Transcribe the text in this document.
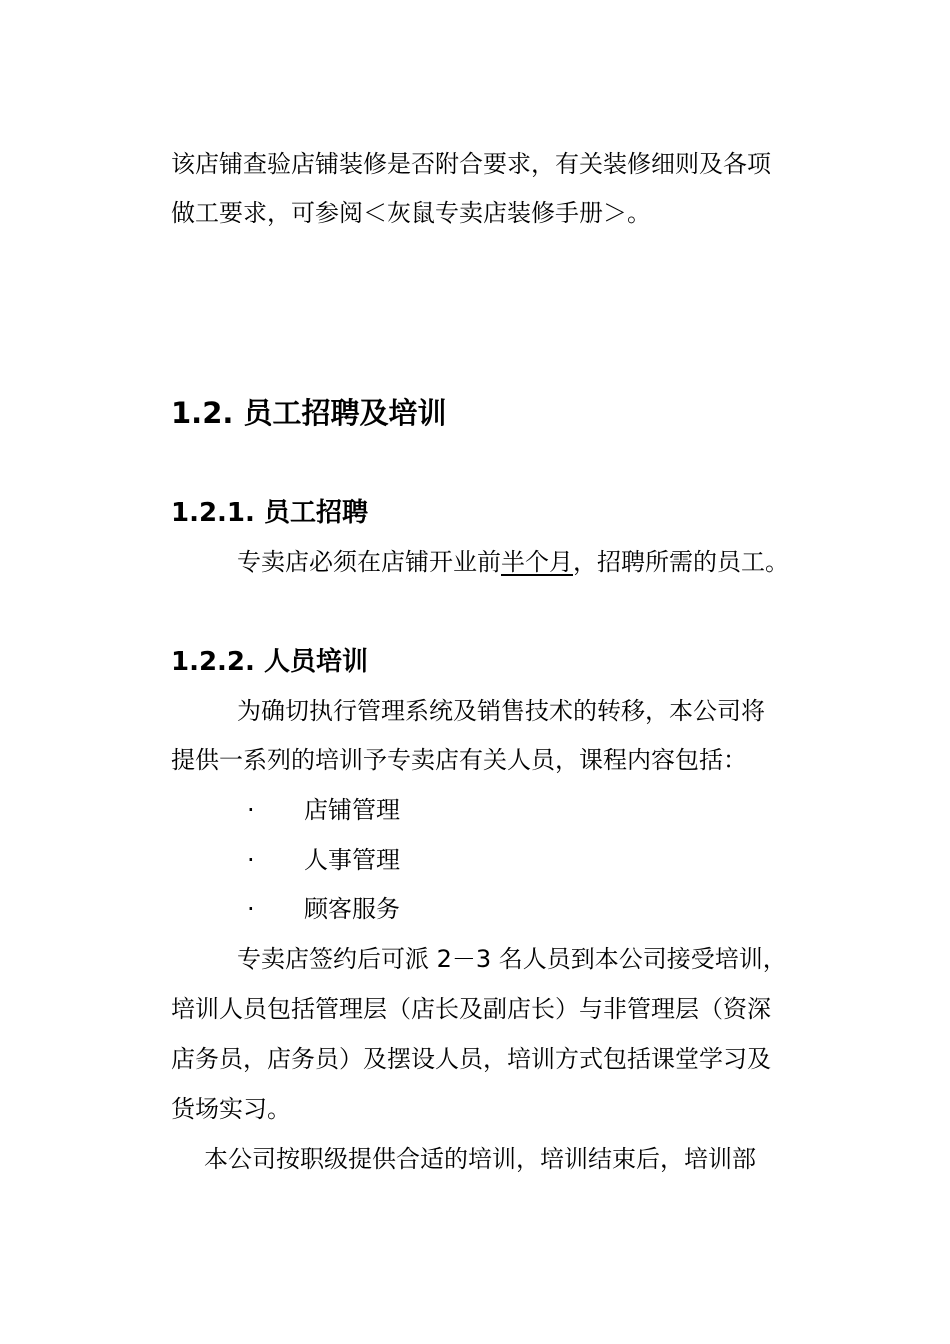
该店铺查验店铺装修是否附合要求，有关装修细则及各项
做工要求，可参阅＜灰鼠专卖店装修手册＞。
1.2. 员工招聘及培训
1.2.1. 员工招聘
专卖店必须在店铺开业前半个月，招聘所需的员工。
1.2.2. 人员培训
为确切执行管理系统及销售技术的转移，本公司将
提供一系列的培训予专卖店有关人员，课程内容包括：
· 店铺管理
· 人事管理
· 顾客服务
专卖店签约后可派 2－3 名人员到本公司接受培训，
培训人员包括管理层（店长及副店长）与非管理层（资深
店务员，店务员）及摆设人员，培训方式包括课堂学习及
货场实习。
本公司按职级提供合适的培训，培训结束后，培训部
